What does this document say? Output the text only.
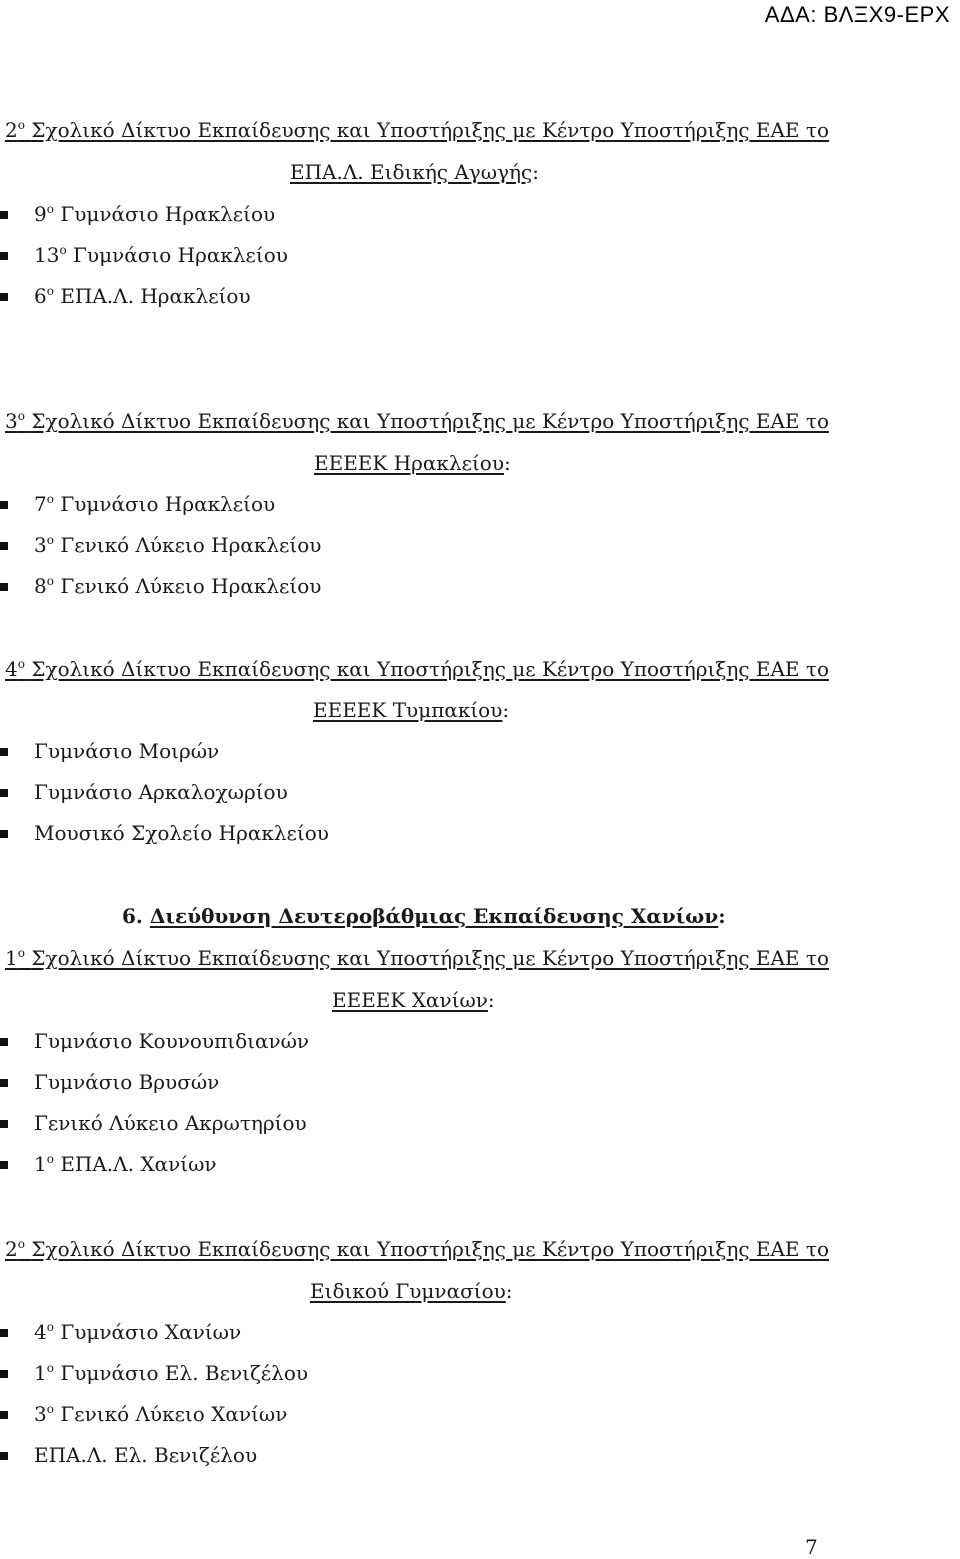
ΑΔΑ: ΒΛΞΧ9-ΕΡΧ
$2^o$ Σχολικό Δίκτυο Εκπαίδευσης και Υποστήριξης με Κέντρο Υποστήριξης ΕΑΕ το
ΕΠΑ.Λ. Ειδικής Αγωγής:
$9^o$ Γυμνάσιο Ηρακλείου
$13^o$ Γυμνάσιο Ηρακλείου
$6^o$ ΕΠΑ.Λ. Ηρακλείου
$3^o$ Σχολικό Δίκτυο Εκπαίδευσης και Υποστήριξης με Κέντρο Υποστήριξης ΕΑΕ το
ΕΕΕΕΚ Ηρακλείου:
$7^o$ Γυμνάσιο Ηρακλείου
$3^o$ Γενικό Λύκειο Ηρακλείου
$8^o$ Γενικό Λύκειο Ηρακλείου
$4^o$ Σχολικό Δίκτυο Εκπαίδευσης και Υποστήριξης με Κέντρο Υποστήριξης ΕΑΕ το
ΕΕΕΕΚ Τυμπακίου:
Γυμνάσιο Μοιρών
Γυμνάσιο Αρκαλοχωρίου
Μουσικό Σχολείο Ηρακλείου
6. Διεύθυνση Δευτεροβάθμιας Εκπαίδευσης Χανίων:
$1^o$ Σχολικό Δίκτυο Εκπαίδευσης και Υποστήριξης με Κέντρο Υποστήριξης ΕΑΕ το
ΕΕΕΕΚ Χανίων:
Γυμνάσιο Κουνουπιδιανών
Γυμνάσιο Βρυσών
Γενικό Λύκειο Ακρωτηρίου
$1^o$ ΕΠΑ.Λ. Χανίων
$2^o$ Σχολικό Δίκτυο Εκπαίδευσης και Υποστήριξης με Κέντρο Υποστήριξης ΕΑΕ το
Ειδικού Γυμνασίου:
$4^o$ Γυμνάσιο Χανίων
$1^o$ Γυμνάσιο Ελ. Βενιζέλου
$3^o$ Γενικό Λύκειο Χανίων
ΕΠΑ.Λ. Ελ. Βενιζέλου
7
